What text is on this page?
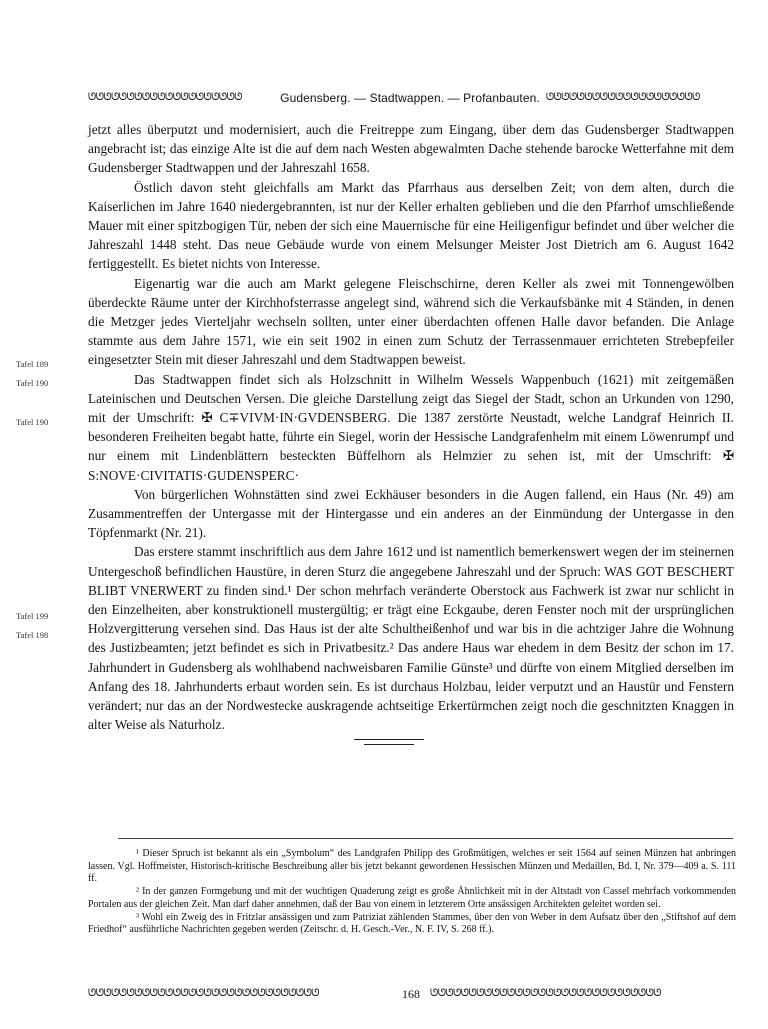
ᘎᘎᘎᘎᘎᘎᘎᘎᘎᘎᘎᘎᘎᘎᘎᘎᘎᘎᘎᘎ	Gudensberg. — Stadtwappen. — Profanbauten. ᘎᘎᘎᘎᘎᘎᘎᘎᘎᘎᘎᘎᘎᘎᘎᘎᘎᘎᘎᘎ
Tafel 189
Tafel 190
Tafel 190
Tafel 199
Tafel 198

jetzt alles überputzt und modernisiert, auch die Freitreppe zum Eingang, über dem das Gudensberger Stadtwappen angebracht ist; das einzige Alte ist die auf dem nach Westen abgewalmten Dache stehende barocke Wetterfahne mit dem Gudensberger Stadtwappen und der Jahreszahl 1658.

Östlich davon steht gleichfalls am Markt das Pfarrhaus aus derselben Zeit; von dem alten, durch die Kaiserlichen im Jahre 1640 niedergebrannten, ist nur der Keller erhalten geblieben und die den Pfarrhof umschließende Mauer mit einer spitzbogigen Tür, neben der sich eine Mauernische für eine Heiligenfigur befindet und über welcher die Jahreszahl 1448 steht. Das neue Gebäude wurde von einem Melsunger Meister Jost Dietrich am 6. August 1642 fertiggestellt. Es bietet nichts von Interesse.

Eigenartig war die auch am Markt gelegene Fleischschirne, deren Keller als zwei mit Tonnengewölben überdeckte Räume unter der Kirchhofsterrasse angelegt sind, während sich die Verkaufsbänke mit 4 Ständen, in denen die Metzger jedes Vierteljahr wechseln sollten, unter einer überdachten offenen Halle davor befanden. Die Anlage stammte aus dem Jahre 1571, wie ein seit 1902 in einen zum Schutz der Terrassenmauer errichteten Strebepfeiler eingesetzter Stein mit dieser Jahreszahl und dem Stadtwappen beweist.

Das Stadtwappen findet sich als Holzschnitt in Wilhelm Wessels Wappenbuch (1621) mit zeitgemäßen Lateinischen und Deutschen Versen. Die gleiche Darstellung zeigt das Siegel der Stadt, schon an Urkunden von 1290, mit der Umschrift: ✠ C∓VIVM·IN·GVDENSBERG. Die 1387 zerstörte Neustadt, welche Landgraf Heinrich II. besonderen Freiheiten begabt hatte, führte ein Siegel, worin der Hessische Landgrafenhelm mit einem Löwenrumpf und nur einem mit Lindenblättern besteckten Büffelhorn als Helmzier zu sehen ist, mit der Umschrift: ✠ S:NOVE·CIVITATIS·GUDENSPERC·

Von bürgerlichen Wohnstätten sind zwei Eckhäuser besonders in die Augen fallend, ein Haus (Nr. 49) am Zusammentreffen der Untergasse mit der Hintergasse und ein anderes an der Einmündung der Untergasse in den Töpfenmarkt (Nr. 21).

Das erstere stammt inschriftlich aus dem Jahre 1612 und ist namentlich bemerkenswert wegen der im steinernen Untergeschoß befindlichen Haustüre, in deren Sturz die angegebene Jahreszahl und der Spruch: WAS GOT BESCHERT BLIBT VNERWERT zu finden sind.¹ Der schon mehrfach veränderte Oberstock aus Fachwerk ist zwar nur schlicht in den Einzelheiten, aber konstruktionell mustergültig; er trägt eine Eckgaube, deren Fenster noch mit der ursprünglichen Holzvergitterung versehen sind. Das Haus ist der alte Schultheißenhof und war bis in die achtziger Jahre die Wohnung des Justizbeamten; jetzt befindet es sich in Privatbesitz.² Das andere Haus war ehedem in dem Besitz der schon im 17. Jahrhundert in Gudensberg als wohlhabend nachweisbaren Familie Günste³ und dürfte von einem Mitglied derselben im Anfang des 18. Jahrhunderts erbaut worden sein. Es ist durchaus Holzbau, leider verputzt und an Haustür und Fenstern verändert; nur das an der Nordwestecke auskragende achtseitige Erkertürmchen zeigt noch die geschnitzten Knaggen in alter Weise als Naturholz.

¹ Dieser Spruch ist bekannt als ein „Symbolum“ des Landgrafen Philipp des Großmütigen, welches er seit 1564 auf seinen Münzen hat anbringen lassen. Vgl. Hoffmeister, Historisch-kritische Beschreibung aller bis jetzt bekannt gewordenen Hessischen Münzen und Medaillen, Bd. I, Nr. 379—409 a. S. 111 ff.

² In der ganzen Formgebung und mit der wuchtigen Quaderung zeigt es große Ähnlichkeit mit in der Altstadt von Cassel mehrfach vorkommenden Portalen aus der gleichen Zeit. Man darf daher annehmen, daß der Bau von einem in letzterem Orte ansässigen Architekten geleitet worden sei.

³ Wohl ein Zweig des in Fritzlar ansässigen und zum Patriziat zählenden Stammes, über den von Weber in dem Aufsatz über den „Stiftshof auf dem Friedhof“ ausführliche Nachrichten gegeben werden (Zeitschr. d. H. Gesch.-Ver., N. F. IV, S. 268 ff.).

ᘎᘎᘎᘎᘎᘎᘎᘎᘎᘎᘎᘎᘎᘎᘎᘎᘎᘎᘎᘎᘎᘎᘎᘎᘎᘎᘎᘎᘎᘎ	168	ᘎᘎᘎᘎᘎᘎᘎᘎᘎᘎᘎᘎᘎᘎᘎᘎᘎᘎᘎᘎᘎᘎᘎᘎᘎᘎᘎᘎᘎᘎ
